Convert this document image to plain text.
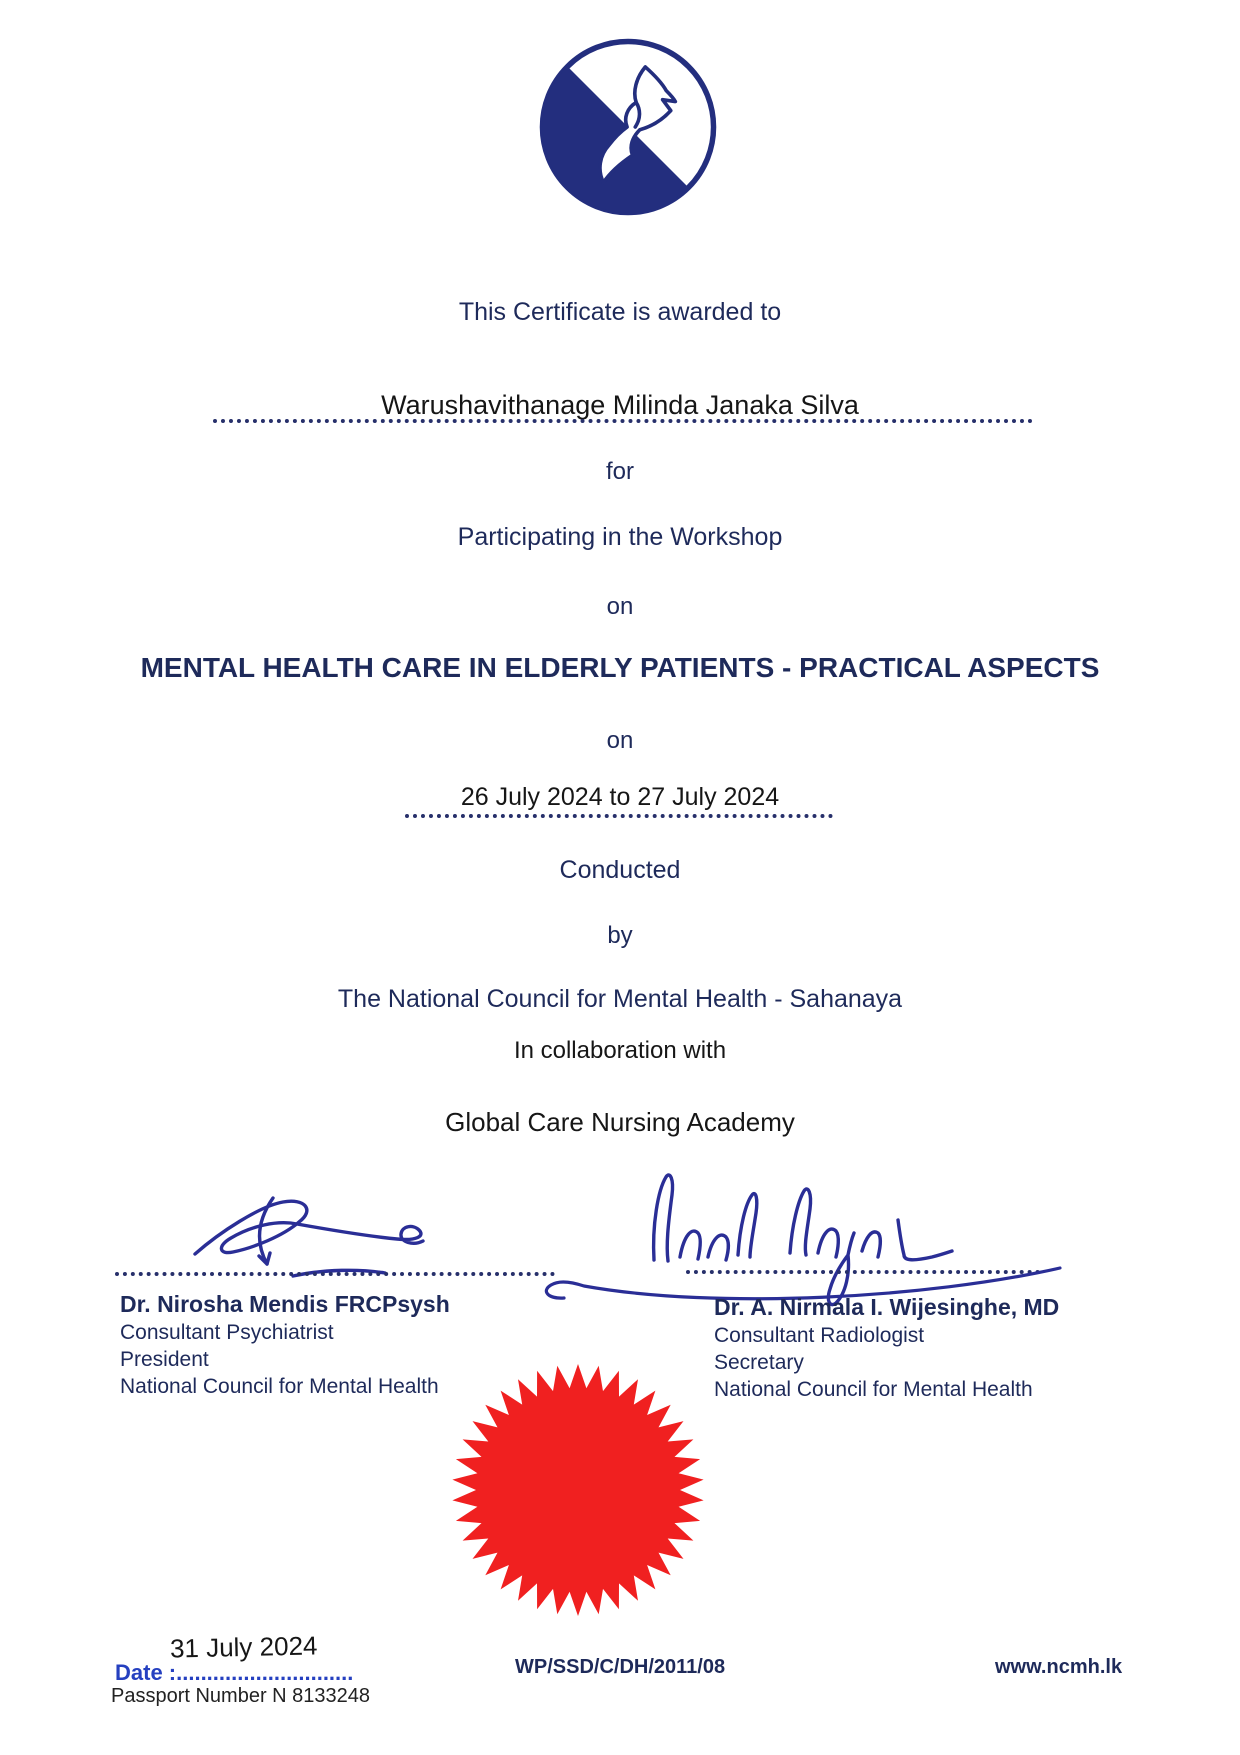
This Certificate is awarded to
Warushavithanage Milinda Janaka Silva
for
Participating in the Workshop
on
MENTAL HEALTH CARE IN ELDERLY PATIENTS - PRACTICAL ASPECTS
on
26 July 2024 to 27 July 2024
Conducted
by
The National Council for Mental Health - Sahanaya
In collaboration with
Global Care Nursing Academy

Dr. Nirosha Mendis FRCPsysh

Consultant Psychiatrist

President

National Council for Mental Health

Dr. A. Nirmala I. Wijesinghe, MD

Consultant Radiologist

Secretary

National Council for Mental Health

31 July 2024
Date :.............................
Passport Number N 8133248
WP/SSD/C/DH/2011/08	www.ncmh.lk
